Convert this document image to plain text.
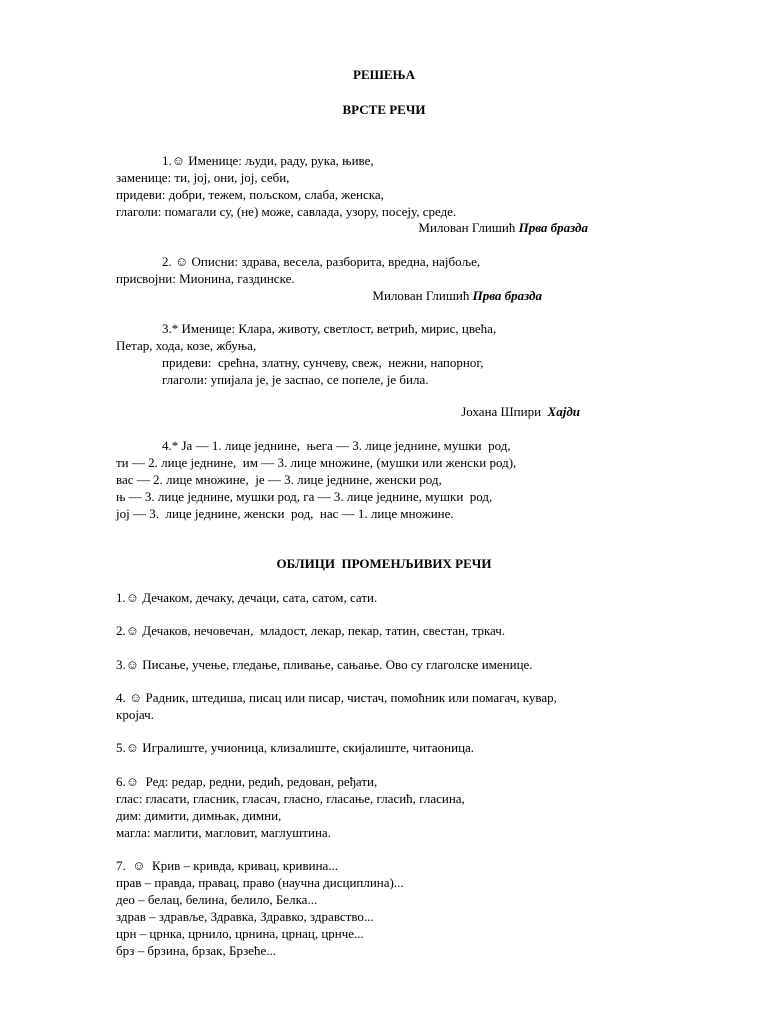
РЕШЕЊА
ВРСТЕ РЕЧИ
1.☺ Именице: људи, раду, рука, њиве,
заменице: ти, јој, они, јој, себи,
придеви: добри, тежем, пољском, слаба, женска,
глаголи: помагали су, (не) може, савлада, узору, посеју, среде.
Милован Глишић Прва бразда
2. ☺ Описни: здрава, весела, разборита, вредна, најбоље,
присвојни: Мионина, газдинске.
Милован Глишић Прва бразда
3.* Именице: Клара, животу, светлост, ветрић, мирис, цвећа,
Петар, хода, козе, жбуња,
придеви:  срећна, златну, сунчеву, свеж,  нежни, напорног,
глаголи: упијала је, је заспао, се попеле, је била.
Јохана Шпири  Хајди
4.* Ја — 1. лице једнине,  њега — 3. лице једнине, мушки  род,
ти — 2. лице једнине,  им — 3. лице множине, (мушки или женски род),
вас — 2. лице множине,  је — 3. лице једнине, женски род,
њ — 3. лице једнине, мушки род, га — 3. лице једнине, мушки  род,
јој — 3.  лице једнине, женски  род,  нас — 1. лице множине.
ОБЛИЦИ  ПРОМЕНЉИВИХ РЕЧИ
1.☺ Дечаком, дечаку, дечаци, сата, сатом, сати.
2.☺ Дечаков, нечовечан,  младост, лекар, пекар, татин, свестан, тркач.
3.☺ Писање, учење, гледање, пливање, сањање. Ово су глаголске именице.
4. ☺ Радник, штедиша, писац или писар, чистач, помоћник или помагач, кувар,
кројач.
5.☺ Игралиште, учионица, клизалиште, скијалиште, читаоница.
6.☺  Ред: редар, редни, редић, редован, ређати,
глас: гласати, гласник, гласач, гласно, гласање, гласић, гласина,
дим: димити, димњак, димни,
магла: маглити, магловит, маглуштина.
7.  ☺  Крив – кривда, кривац, кривина...
прав – правда, правац, право (научна дисциплина)...
део – белац, белина, белило, Белка...
здрав – здравље, Здравка, Здравко, здравство...
црн – црнка, црнило, црнина, црнац, црнче...
брз – брзина, брзак, Брзеће...
